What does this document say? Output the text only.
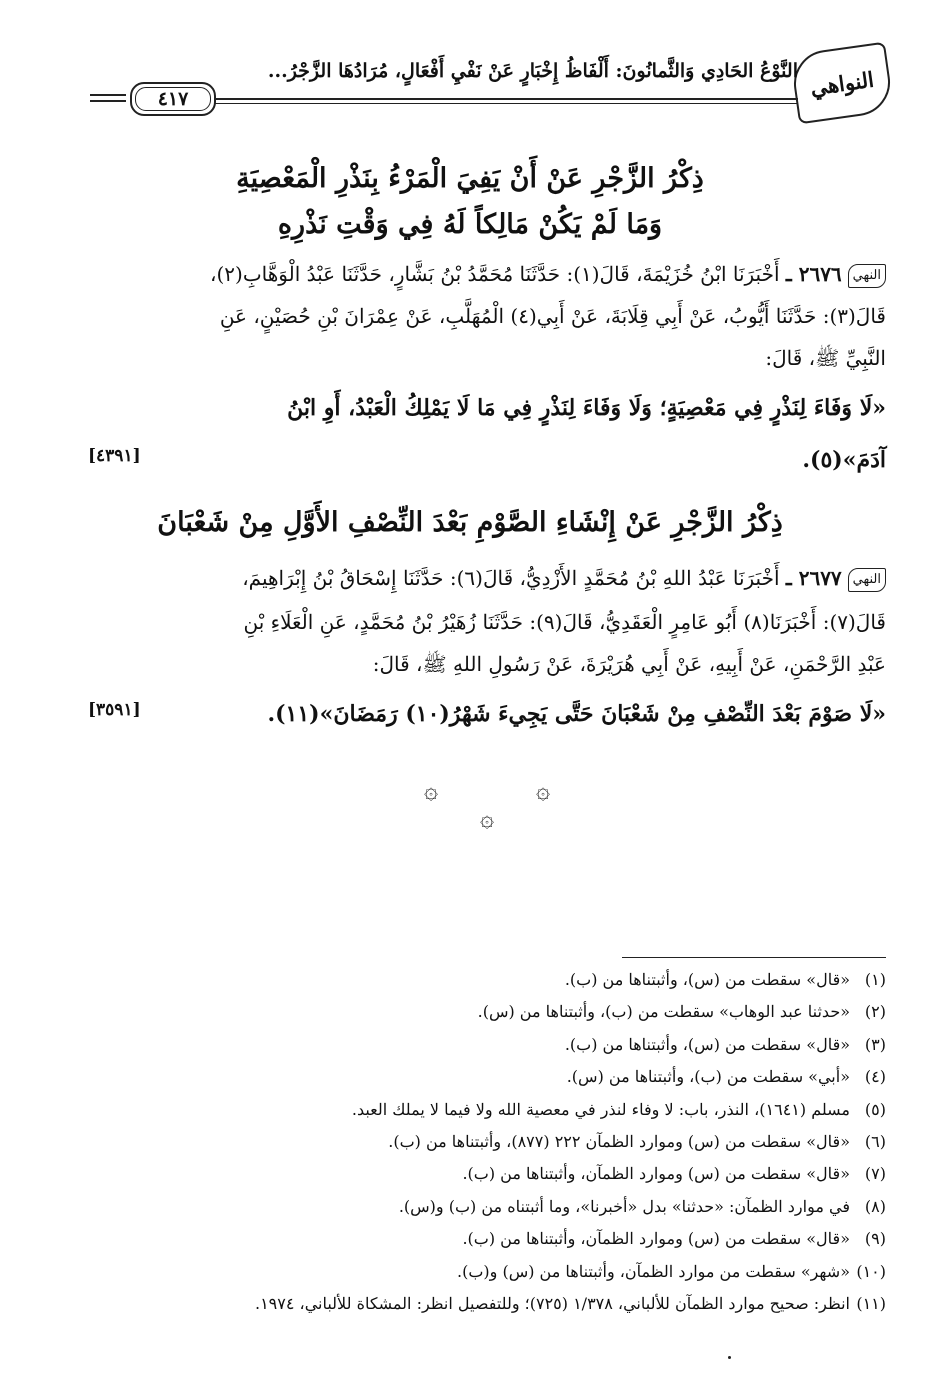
النواهي
النَّوْعُ الحَادِي وَالثَّمانُونَ: أَلْفَاظُ إِخْبَارٍ عَنْ نَفْيِ أَفْعَالٍ، مُرَادُهَا الزَّجْرُ...
٤١٧
ذِكْرُ الزَّجْرِ عَنْ أَنْ يَفِيَ الْمَرْءُ بِنَذْرِ الْمَعْصِيَةِ
وَمَا لَمْ يَكُنْ مَالِكاً لَهُ فِي وَقْتِ نَذْرِهِ
النهي٢٦٧٦ ـ أَخْبَرَنَا ابْنُ خُزَيْمَةَ، قَالَ(١): حَدَّثَنَا مُحَمَّدُ بْنُ بَشَّارٍ، حَدَّثَنَا عَبْدُ الْوَهَّابِ(٢)،
قَالَ(٣): حَدَّثَنَا أَيُّوبُ، عَنْ أَبِي قِلَابَةَ، عَنْ أَبِي(٤) الْمُهَلَّبِ، عَنْ عِمْرَانَ بْنِ حُصَيْنٍ، عَنِ
النَّبِيِّ ﷺ، قَالَ:
«لَا وَفَاءَ لِنَذْرٍ فِي مَعْصِيَةٍ؛ وَلَا وَفَاءَ لِنَذْرٍ فِي مَا لَا يَمْلِكُ الْعَبْدُ، أَوِ ابْنُ
آدَمَ»(٥).
[٤٣٩١]
ذِكْرُ الزَّجْرِ عَنْ إِنْشَاءِ الصَّوْمِ بَعْدَ النِّصْفِ الأَوَّلِ مِنْ شَعْبَانَ
النهي٢٦٧٧ ـ أَخْبَرَنَا عَبْدُ اللهِ بْنُ مُحَمَّدٍ الأَزْدِيُّ، قَالَ(٦): حَدَّثَنَا إِسْحَاقُ بْنُ إِبْرَاهِيمَ،
قَالَ(٧): أَخْبَرَنَا(٨) أَبُو عَامِرٍ الْعَقَدِيُّ، قَالَ(٩): حَدَّثَنَا زُهَيْرُ بْنُ مُحَمَّدٍ، عَنِ الْعَلَاءِ بْنِ
عَبْدِ الرَّحْمَنِ، عَنْ أَبِيهِ، عَنْ أَبِي هُرَيْرَةَ، عَنْ رَسُولِ اللهِ ﷺ، قَالَ:
«لَا صَوْمَ بَعْدَ النِّصْفِ مِنْ شَعْبَانَ حَتَّى يَجِيءَ شَهْرُ(١٠) رَمَضَانَ»(١١).
[٣٥٩١]
۞	۞
۞
(١)«قال» سقطت من (س)، وأثبتناها من (ب).
(٢)«حدثنا عبد الوهاب» سقطت من (ب)، وأثبتناها من (س).
(٣)«قال» سقطت من (س)، وأثبتناها من (ب).
(٤)«أبي» سقطت من (ب)، وأثبتناها من (س).
(٥)مسلم (١٦٤١)، النذر، باب: لا وفاء لنذر في معصية الله ولا فيما لا يملك العبد.
(٦)«قال» سقطت من (س) وموارد الظمآن ٢٢٢ (٨٧٧)، وأثبتناها من (ب).
(٧)«قال» سقطت من (س) وموارد الظمآن، وأثبتناها من (ب).
(٨)في موارد الظمآن: «حدثنا» بدل «أخبرنا»، وما أثبتناه من (ب) و(س).
(٩)«قال» سقطت من (س) وموارد الظمآن، وأثبتناها من (ب).
(١٠)«شهر» سقطت من موارد الظمآن، وأثبتناها من (س) و(ب).
(١١)انظر: صحيح موارد الظمآن للألباني، ١/٣٧٨ (٧٢٥)؛ وللتفصيل انظر: المشكاة للألباني، ١٩٧٤.
